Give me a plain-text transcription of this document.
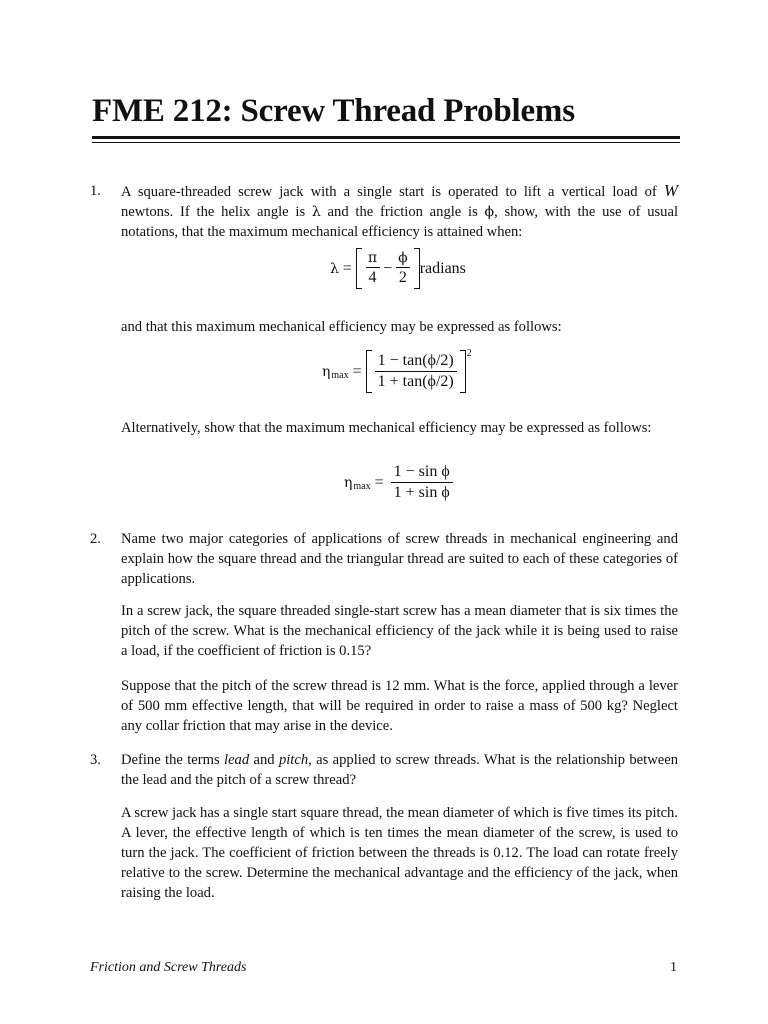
FME 212: Screw Thread Problems
1. A square-threaded screw jack with a single start is operated to lift a vertical load of W newtons. If the helix angle is λ and the friction angle is ϕ, show, with the use of usual notations, that the maximum mechanical efficiency is attained when:

$\lambda = \frac{\pi}{4} - \frac{\phi}{2}$ radians

and that this maximum mechanical efficiency may be expressed as follows:

η $\max = \frac{1 - \tan(\phi/2)}{1 + \tan(\phi/2)} 2$

Alternatively, show that the maximum mechanical efficiency may be expressed as follows:

η $\max = \frac{\text{1 − sin ϕ}}{\text{1 + sin ϕ}}$
2. Name two major categories of applications of screw threads in mechanical engineering and explain how the square thread and the triangular thread are suited to each of these categories of applications.

In a screw jack, the square threaded single-start screw has a mean diameter that is six times the pitch of the screw. What is the mechanical efficiency of the jack while it is being used to raise a load, if the coefficient of friction is 0.15?

Suppose that the pitch of the screw thread is 12 mm. What is the force, applied through a lever of 500 mm effective length, that will be required in order to raise a mass of 500 kg? Neglect any collar friction that may arise in the device.

3. Define the terms lead and pitch, as applied to screw threads. What is the relationship between the lead and the pitch of a screw thread?

A screw jack has a single start square thread, the mean diameter of which is five times its pitch. A lever, the effective length of which is ten times the mean diameter of the screw, is used to turn the jack. The coefficient of friction between the threads is 0.12. The load can rotate freely relative to the screw. Determine the mechanical advantage and the efficiency of the jack, when raising the load.

Friction and Screw Threads	1
